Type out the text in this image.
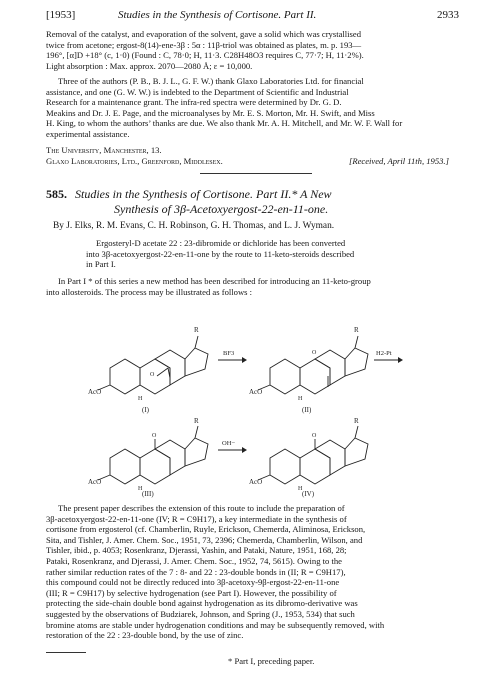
[1953]	Studies in the Synthesis of Cortisone. Part II.	2933
Removal of the catalyst, and evaporation of the solvent, gave a solid which was crystallised
twice from acetone; ergost-8(14)-ene-3β : 5α : 11β-triol was obtained as plates, m. p. 193—
196°, [α]D +18° (c, 1·0) (Found : C, 78·0; H, 11·3. C28H48O3 requires C, 77·7; H, 11·2%).
Light absorption : Max. approx. 2070—2080 Å; ε = 10,000.
Three of the authors (P. B., B. J. L., G. F. W.) thank Glaxo Laboratories Ltd. for financial
assistance, and one (G. W. W.) is indebted to the Department of Scientific and Industrial
Research for a maintenance grant. The infra-red spectra were determined by Dr. G. D.
Meakins and Dr. J. E. Page, and the microanalyses by Mr. E. S. Morton, Mr. H. Swift, and Miss
H. King, to whom the authors’ thanks are due. We also thank Mr. A. H. Mitchell, and Mr. W. F. Wall for
experimental assistance.
The University, Manchester, 13.
Glaxo Laboratories, Ltd., Greenford, Middlesex.	[Received, April 11th, 1953.]
585. Studies in the Synthesis of Cortisone. Part II.* A New
Synthesis of 3β-Acetoxyergost-22-en-11-one.
By J. Elks, R. M. Evans, C. H. Robinson, G. H. Thomas, and L. J. Wyman.
Ergosteryl-D acetate 22 : 23-dibromide or dichloride has been converted
into 3β-acetoxyergost-22-en-11-one by the route to 11-keto-steroids described
in Part I.
In Part I * of this series a new method has been described for introducing an 11-keto-group
into allosteroids. The process may be illustrated as follows :
R
AcO
O
H
(I)
BF3
R
AcO
O
H
(II)
H2-Pt
R
AcO
O
H
(III)
OH−
R
AcO
O
H
(IV)
The present paper describes the extension of this route to include the preparation of
3β-acetoxyergost-22-en-11-one (IV; R = C9H17), a key intermediate in the synthesis of
cortisone from ergosterol (cf. Chamberlin, Ruyle, Erickson, Chemerda, Aliminosa, Erickson,
Sita, and Tishler, J. Amer. Chem. Soc., 1951, 73, 2396; Chemerda, Chamberlin, Wilson, and
Tishler, ibid., p. 4053; Rosenkranz, Djerassi, Yashin, and Pataki, Nature, 1951, 168, 28;
Pataki, Rosenkranz, and Djerassi, J. Amer. Chem. Soc., 1952, 74, 5615). Owing to the
rather similar reduction rates of the 7 : 8- and 22 : 23-double bonds in (II; R = C9H17),
this compound could not be directly reduced into 3β-acetoxy-9β-ergost-22-en-11-one
(III; R = C9H17) by selective hydrogenation (see Part I). However, the possibility of
protecting the side-chain double bond against hydrogenation as its dibromo-derivative was
suggested by the observations of Budziarek, Johnson, and Spring (J., 1953, 534) that such
bromine atoms are stable under hydrogenation conditions and may be subsequently removed, with
restoration of the 22 : 23-double bond, by the use of zinc.
* Part I, preceding paper.
